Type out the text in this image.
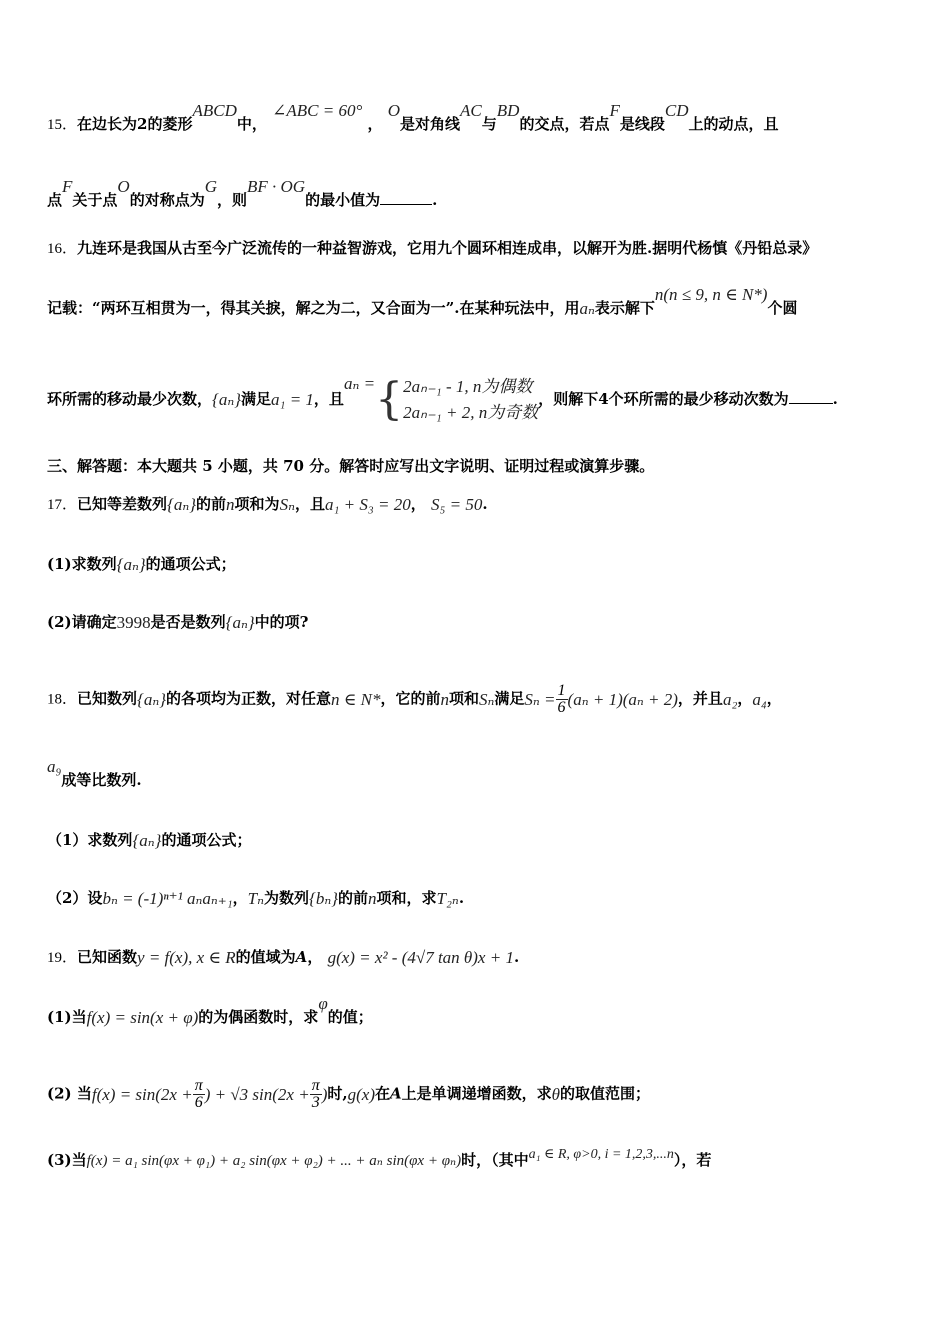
15．在边长为2的菱形ABCD中， ∠ABC = 60° ， O是对角线AC与BD的交点，若点F是线段CD上的动点，且
点F关于点O的对称点为G，则BF · OG的最小值为	.
16．九连环是我国从古至今广泛流传的一种益智游戏，它用九个圆环相连成串，以解开为胜.据明代杨慎《丹铅总录》
记载：“两环互相贯为一，得其关捩，解之为二，又合面为一”.在某种玩法中，用aₙ表示解下n(n ≤ 9, n ∈ N*)个圆
环所需的移动最少次数，{aₙ}满足a₁ = 1，且aₙ ={ 2aₙ₋₁ - 1, n为偶数
2aₙ₋₁ + 2, n为奇数
，则解下4个环所需的最少移动次数为	.
三、解答题：本大题共 5 小题，共 70 分。解答时应写出文字说明、证明过程或演算步骤。
17．已知等差数列{aₙ}的前n项和为Sₙ，且a₁ + S₃ = 20， S₅ = 50.
(1)求数列{aₙ}的通项公式；
(2)请确定3998是否是数列{aₙ}中的项?
18．已知数列{aₙ}的各项均为正数，对任意n ∈ N*，它的前n项和Sₙ满足$S_n = \frac{1}{6} (a_n + 1)(a_n + 2)$，并且a₂，a₄，
a₉成等比数列.
（1）求数列{aₙ}的通项公式；
（2）设bₙ = (-1)ⁿ⁺¹ aₙaₙ₊₁，Tₙ为数列{bₙ}的前n项和，求T₂ₙ.
19．已知函数y = f(x), x ∈ R的值域为A， g(x) = x² - (4√7 tan θ)x + 1.
(1)当f(x) = sin(x + φ)的为偶函数时，求φ的值；
(2) 当$f(x) = \sin(2x + \frac{\pi}{6}$ ) + √3 $\sin(2x + \frac{\pi}{3}$ )时,g(x)在A上是单调递增函数，求θ的取值范围；
(3)当f(x) = a₁ sin(φx + φ₁) + a₂ sin(φx + φ₂) + ... + aₙ sin(φx + φₙ)时，（其中a₁ ∈ R, φ>0, i = 1,2,3,...n），若
